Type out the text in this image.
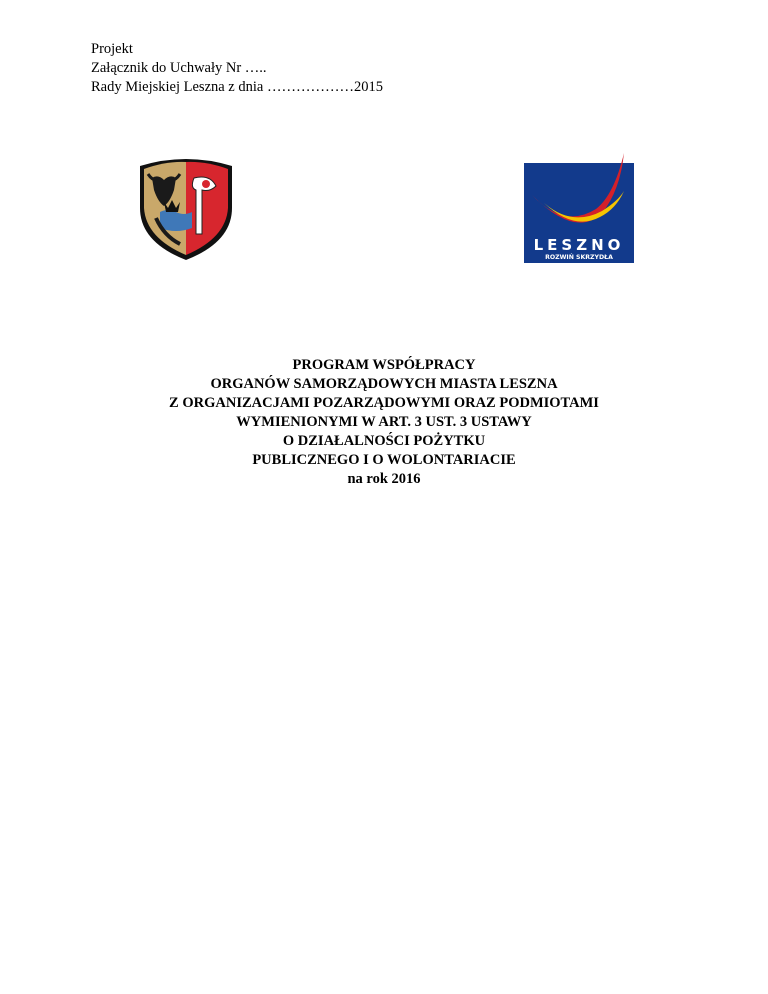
Projekt
Załącznik do Uchwały Nr …..
Rady Miejskiej Leszna z dnia ………………2015
LESZNO
ROZWIŃ SKRZYDŁA
PROGRAM WSPÓŁPRACY
ORGANÓW SAMORZĄDOWYCH MIASTA LESZNA
Z ORGANIZACJAMI POZARZĄDOWYMI ORAZ PODMIOTAMI
WYMIENIONYMI W ART. 3 UST. 3 USTAWY
O DZIAŁALNOŚCI POŻYTKU
PUBLICZNEGO I O WOLONTARIACIE
na rok 2016
